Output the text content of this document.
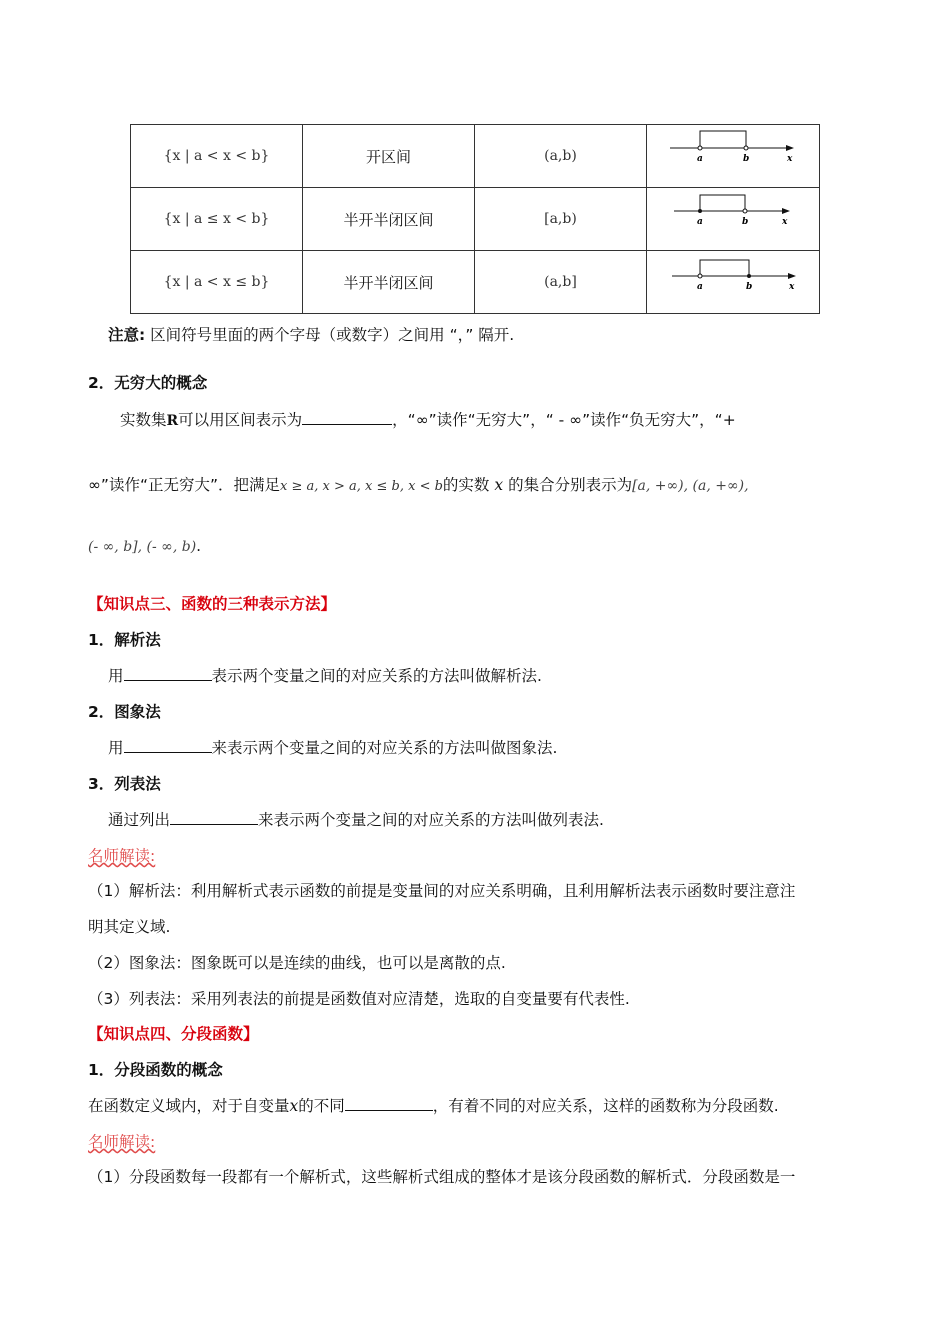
{x | a < x < b}	开区间	(a,b)	a b x

{x | a ≤ x < b}	半开半闭区间	[a,b)	a b x

{x | a < x ≤ b}	半开半闭区间	(a,b]	a b x
注意: 区间符号里面的两个字母（或数字）之间用 “，” 隔开.
2．无穷大的概念
实数集R可以用区间表示为	，“∞”读作“无穷大”，“ - ∞”读作“负无穷大”，“+
∞”读作“正无穷大”．把满足x ≥ a, x > a, x ≤ b, x < b的实数 x 的集合分别表示为[a, +∞), (a, +∞),
(- ∞, b], (- ∞, b).
【知识点三、函数的三种表示方法】
1．解析法
用	表示两个变量之间的对应关系的方法叫做解析法.
2．图象法
用	来表示两个变量之间的对应关系的方法叫做图象法.
3．列表法
通过列出	来表示两个变量之间的对应关系的方法叫做列表法.
名师解读:
（1）解析法：利用解析式表示函数的前提是变量间的对应关系明确，且利用解析法表示函数时要注意注
明其定义域.
（2）图象法：图象既可以是连续的曲线，也可以是离散的点.
（3）列表法：采用列表法的前提是函数值对应清楚，选取的自变量要有代表性.
【知识点四、分段函数】
1．分段函数的概念
在函数定义域内，对于自变量x的不同	，有着不同的对应关系，这样的函数称为分段函数.
名师解读:
（1）分段函数每一段都有一个解析式，这些解析式组成的整体才是该分段函数的解析式．分段函数是一
